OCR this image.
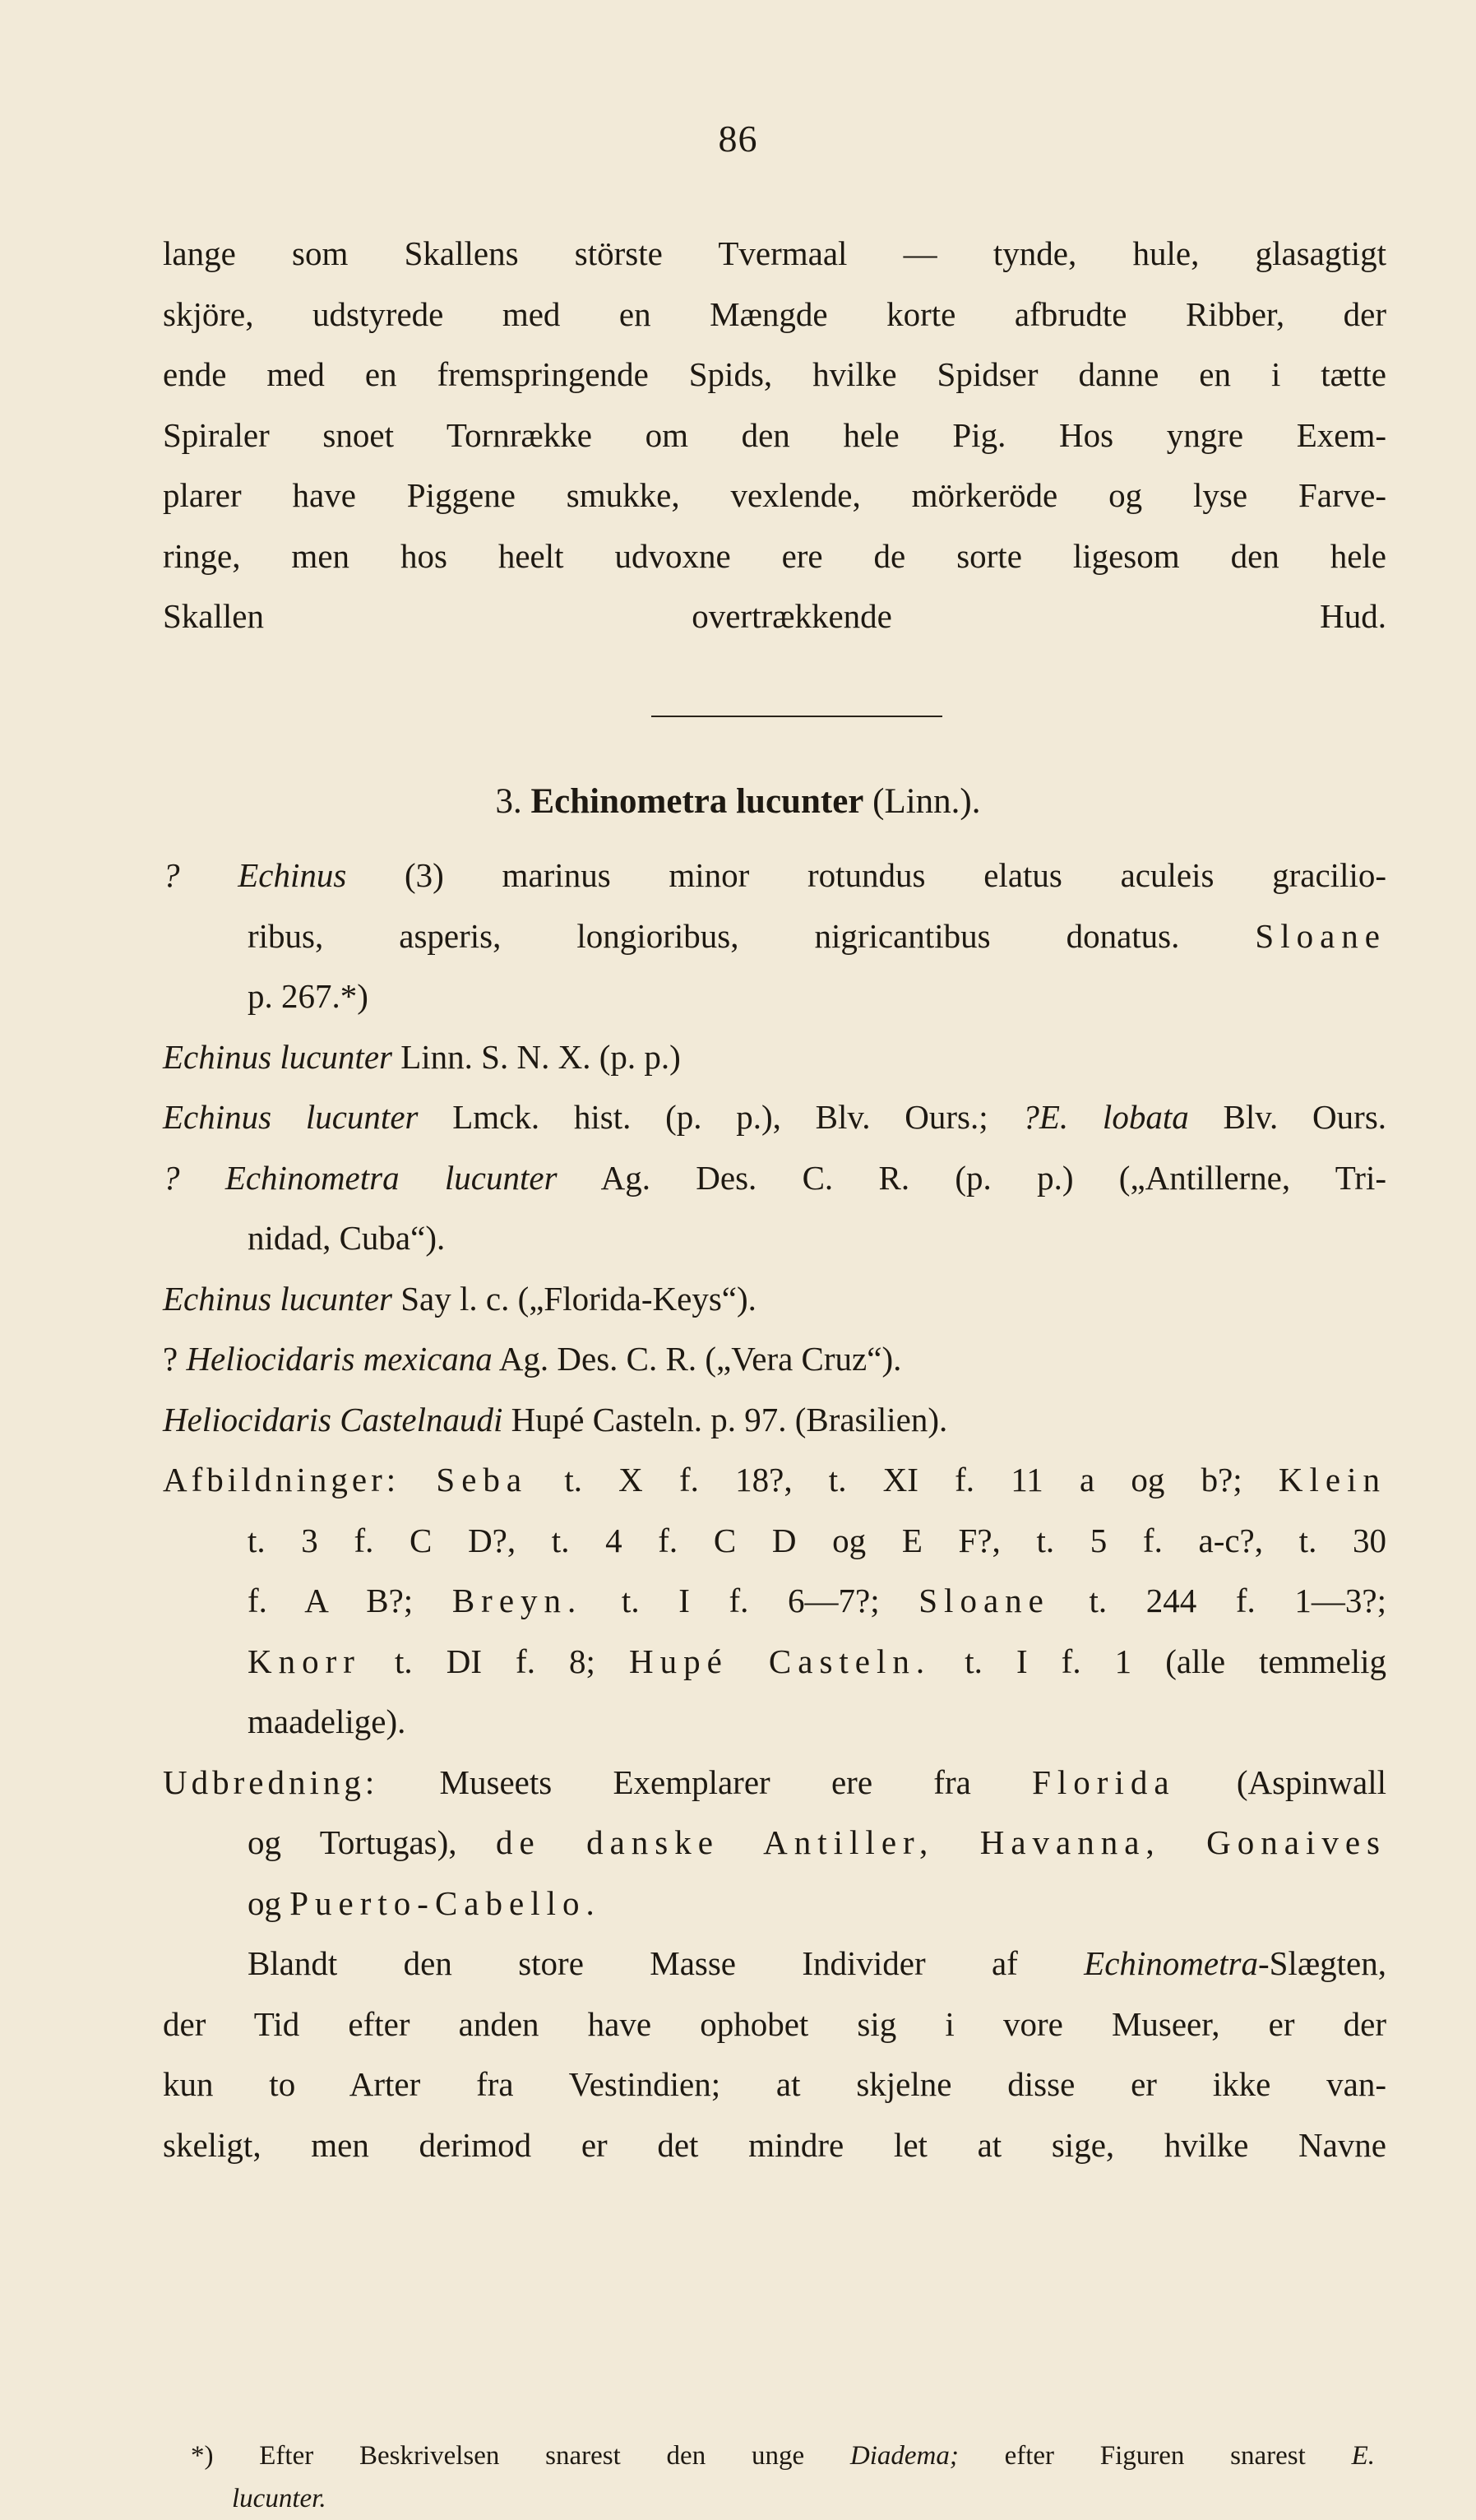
86
lange som Skallens störste Tvermaal — tynde, hule, glasagtigt
skjöre, udstyrede med en Mængde korte afbrudte Ribber, der
ende med en fremspringende Spids, hvilke Spidser danne en i tætte
Spiraler snoet Tornrække om den hele Pig. Hos yngre Exem-
plarer have Piggene smukke, vexlende, mörkeröde og lyse Farve-
ringe, men hos heelt udvoxne ere de sorte ligesom den hele
Skallen overtrækkende Hud.
3. Echinometra lucunter (Linn.).
? Echinus (3) marinus minor rotundus elatus aculeis gracilio-
ribus, asperis, longioribus, nigricantibus donatus. Sloane
p. 267.*)
Echinus lucunter Linn. S. N. X. (p. p.)
Echinus lucunter Lmck. hist. (p. p.), Blv. Ours.; ?E. lobata Blv. Ours.
? Echinometra lucunter Ag. Des. C. R. (p. p.) („Antillerne, Tri-
nidad, Cuba“).
Echinus lucunter Say l. c. („Florida-Keys“).
? Heliocidaris mexicana Ag. Des. C. R. („Vera Cruz“).
Heliocidaris Castelnaudi Hupé Casteln. p. 97. (Brasilien).
Afbildninger: Seba t. X f. 18?, t. XI f. 11 a og b?; Klein
t. 3 f. C D?, t. 4 f. C D og E F?, t. 5 f. a-c?, t. 30
f. A B?; Breyn. t. I f. 6—7?; Sloane t. 244 f. 1—3?;
Knorr t. DI f. 8; Hupé Casteln. t. I f. 1 (alle temmelig
maadelige).
Udbredning: Museets Exemplarer ere fra Florida (Aspinwall
og Tortugas), de danske Antiller, Havanna, Gonaives
og Puerto-Cabello.
Blandt den store Masse Individer af Echinometra-Slægten,
der Tid efter anden have ophobet sig i vore Museer, er der
kun to Arter fra Vestindien; at skjelne disse er ikke van-
skeligt, men derimod er det mindre let at sige, hvilke Navne
*) Efter Beskrivelsen snarest den unge Diadema; efter Figuren snarest E.
lucunter.
